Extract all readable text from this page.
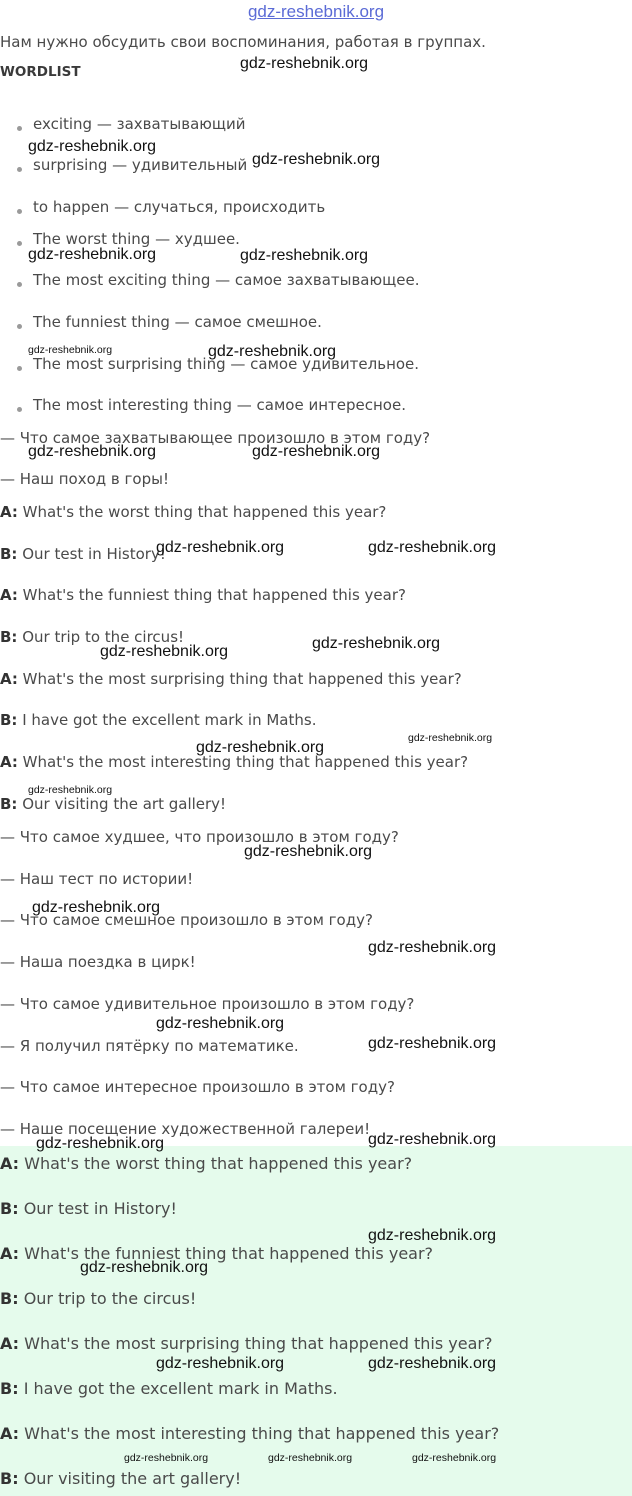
gdz-reshebnik.org
Нам нужно обсудить свои воспоминания, работая в группах.
WORDLIST
exciting — захватывающий
surprising — удивительный
to happen — случаться, происходить
The worst thing — худшее.
The most exciting thing — самое захватывающее.
The funniest thing — самое смешное.
The most surprising thing — самое удивительное.
The most interesting thing — самое интересное.
— Что самое захватывающее произошло в этом году?
— Наш поход в горы!
A: What's the worst thing that happened this year?
B: Our test in History!
A: What's the funniest thing that happened this year?
B: Our trip to the circus!
A: What's the most surprising thing that happened this year?
B: I have got the excellent mark in Maths.
A: What's the most interesting thing that happened this year?
B: Our visiting the art gallery!
— Что самое худшее, что произошло в этом году?
— Наш тест по истории!
— Что самое смешное произошло в этом году?
— Наша поездка в цирк!
— Что самое удивительное произошло в этом году?
— Я получил пятёрку по математике.
— Что самое интересное произошло в этом году?
— Наше посещение художественной галереи!
A: What's the worst thing that happened this year?
B: Our test in History!
A: What's the funniest thing that happened this year?
B: Our trip to the circus!
A: What's the most surprising thing that happened this year?
B: I have got the excellent mark in Maths.
A: What's the most interesting thing that happened this year?
B: Our visiting the art gallery!
gdz-reshebnik.org
gdz-reshebnik.org
gdz-reshebnik.org
gdz-reshebnik.org	gdz-reshebnik.org
gdz-reshebnik.org	gdz-reshebnik.org
gdz-reshebnik.org	gdz-reshebnik.org
gdz-reshebnik.org	gdz-reshebnik.org
gdz-reshebnik.org
gdz-reshebnik.org
gdz-reshebnik.org
gdz-reshebnik.org
gdz-reshebnik.org
gdz-reshebnik.org
gdz-reshebnik.org
gdz-reshebnik.org
gdz-reshebnik.org
gdz-reshebnik.org
gdz-reshebnik.org	gdz-reshebnik.org
gdz-reshebnik.org
gdz-reshebnik.org
gdz-reshebnik.org	gdz-reshebnik.org
gdz-reshebnik.org	gdz-reshebnik.org	gdz-reshebnik.org
